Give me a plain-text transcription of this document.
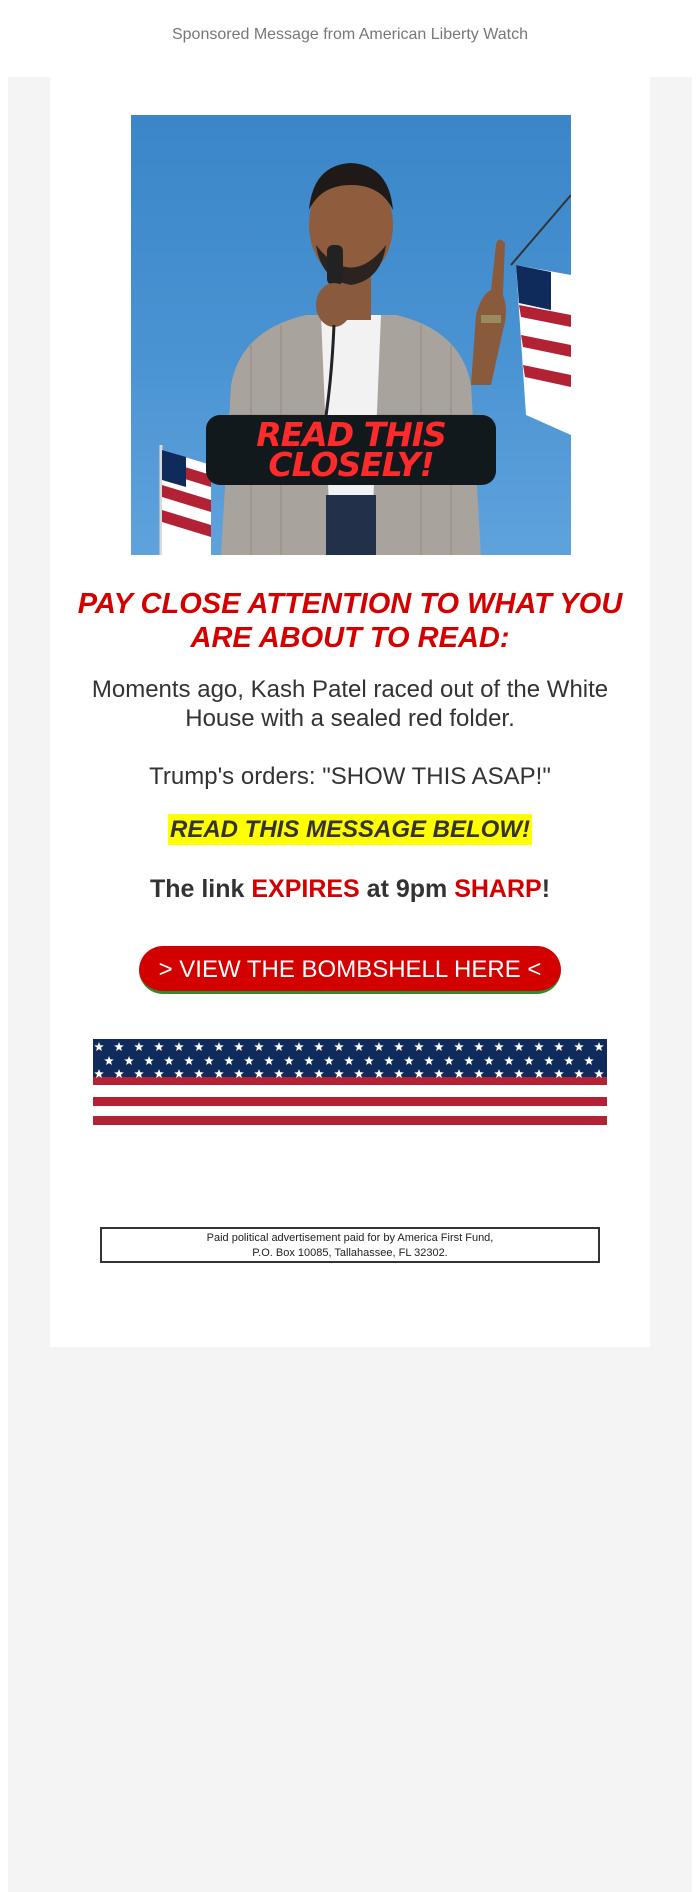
Sponsored Message from American Liberty Watch
READ THIS
CLOSELY!
PAY CLOSE ATTENTION TO WHAT YOU ARE ABOUT TO READ:

Moments ago, Kash Patel raced out of the White House with a sealed red folder.

Trump's orders: "SHOW THIS ASAP!"

READ THIS MESSAGE BELOW!
The link EXPIRES at 9pm SHARP!
> VIEW THE BOMBSHELL HERE <
Paid political advertisement paid for by America First Fund,
P.O. Box 10085, Tallahassee, FL 32302.
